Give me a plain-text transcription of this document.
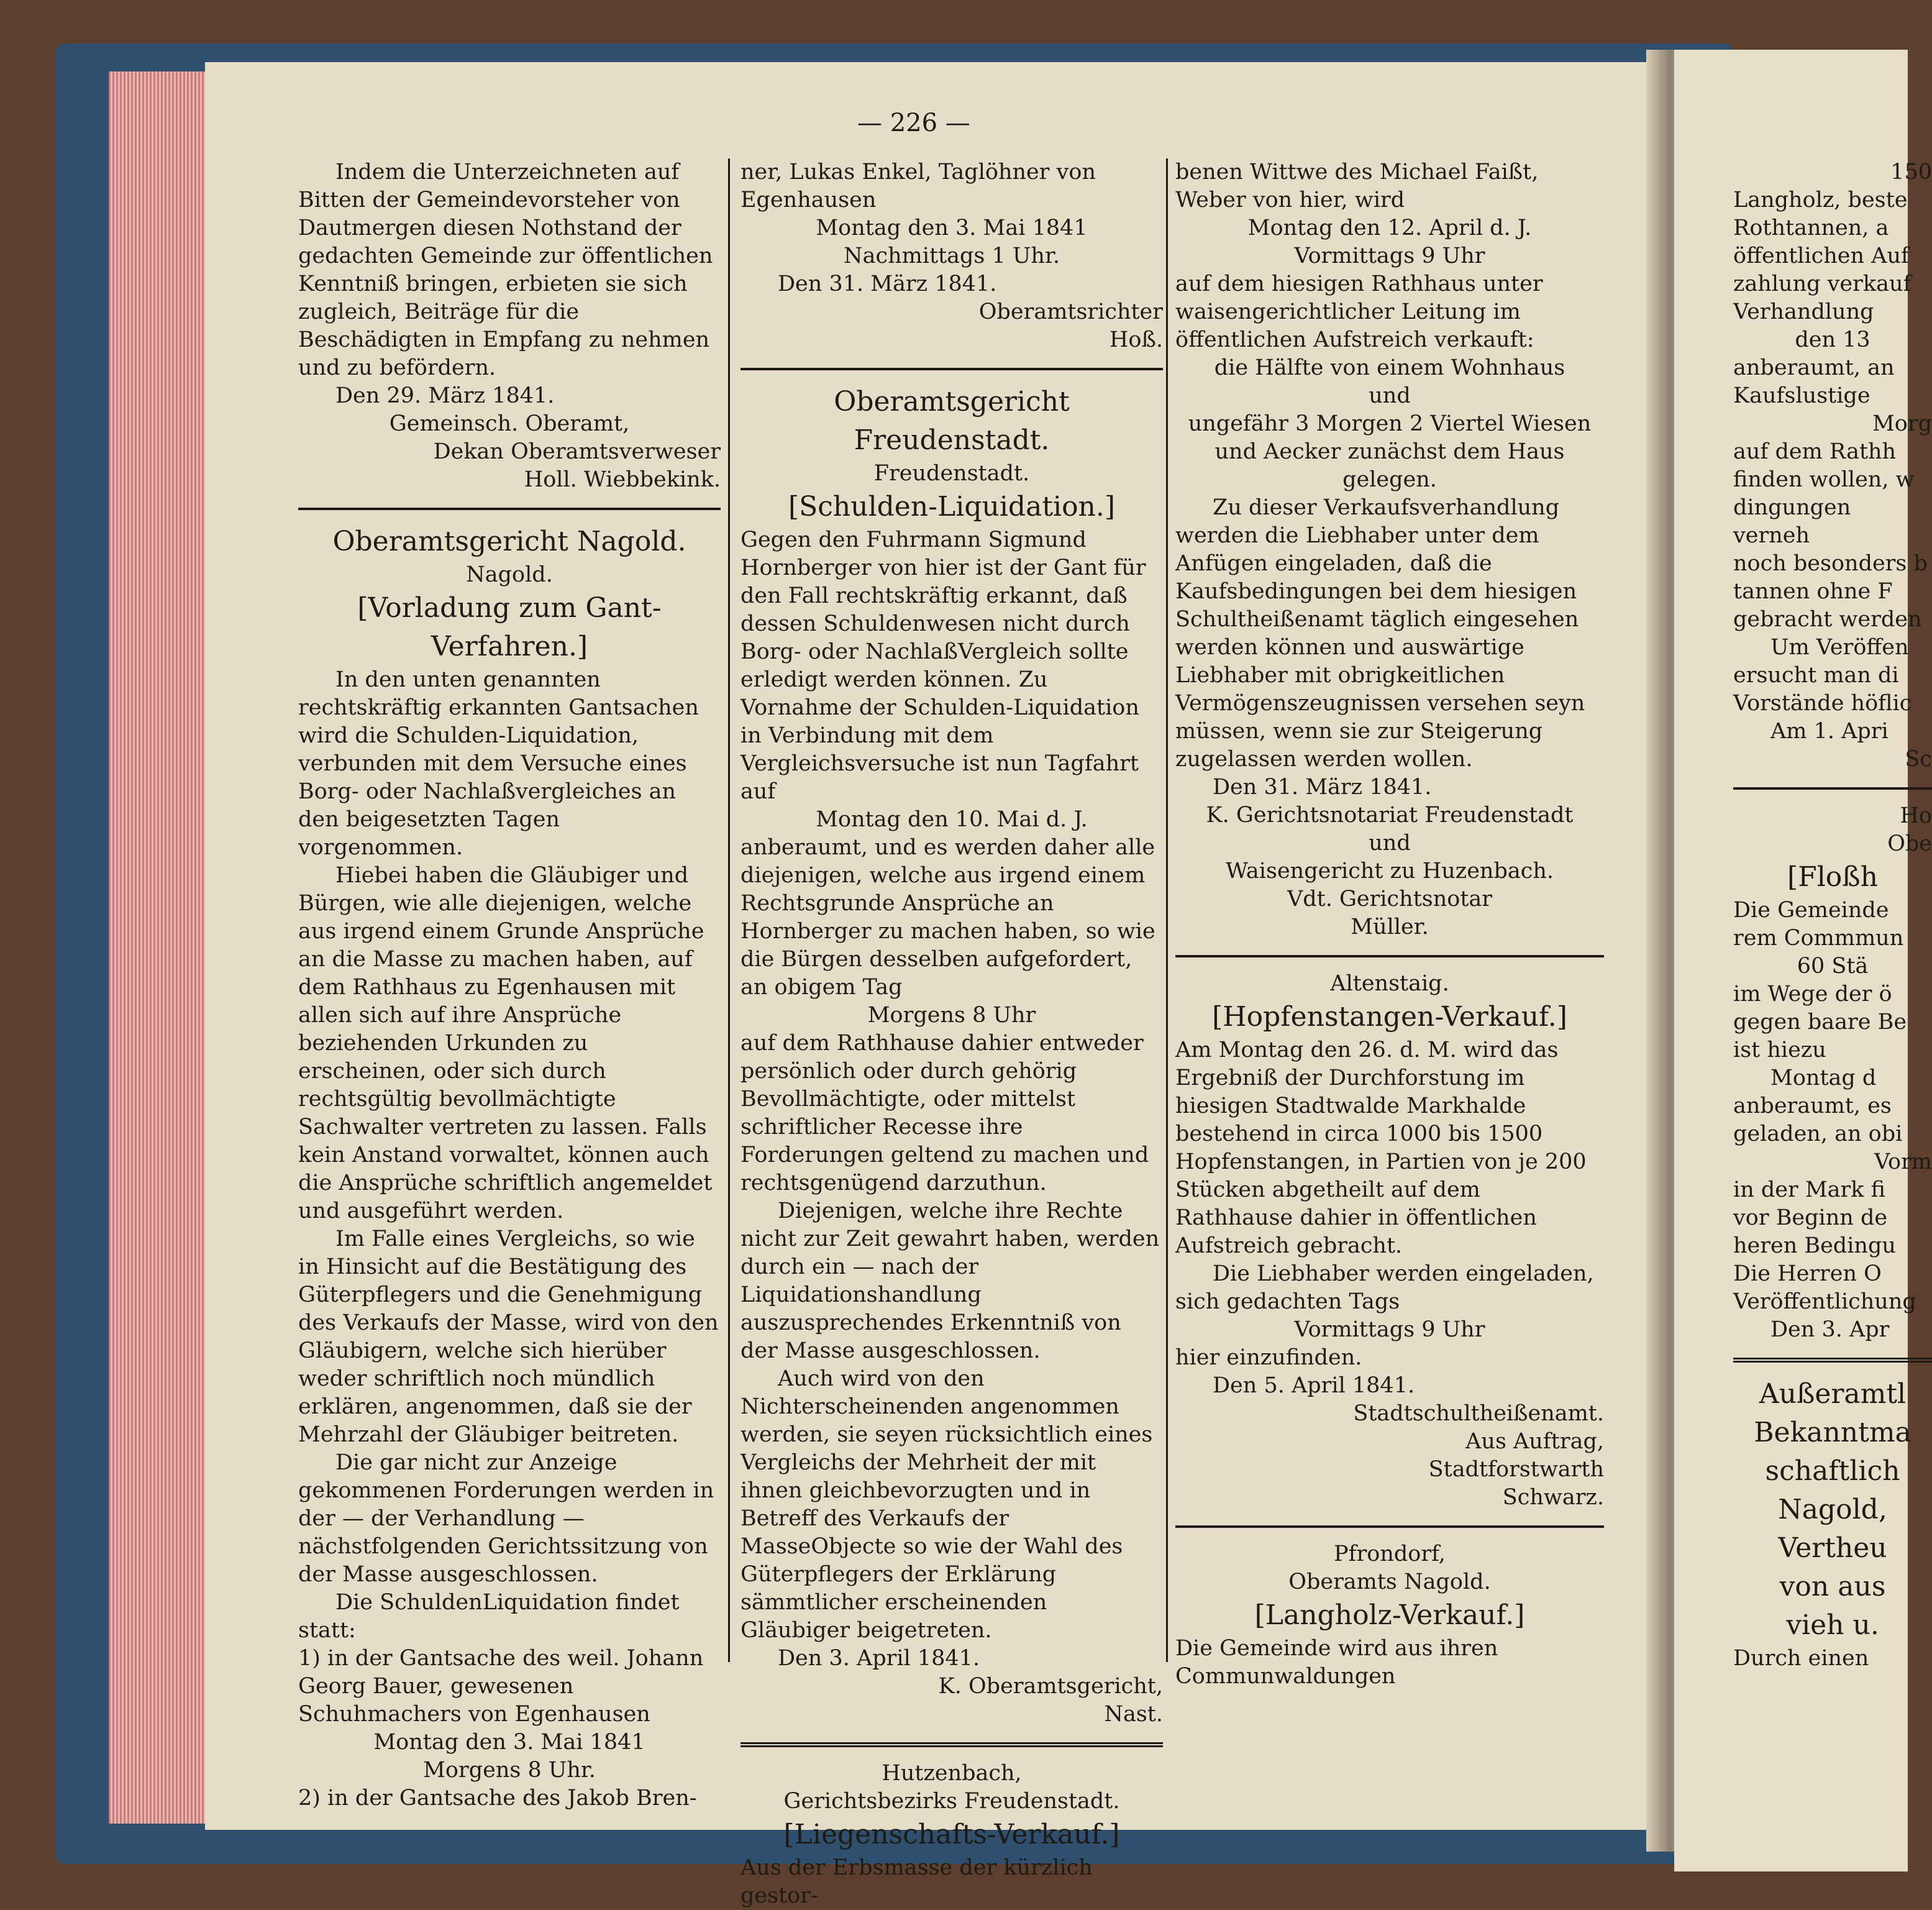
— 226 —

Indem die Unterzeichneten auf Bitten der Gemeindevorsteher von Dautmergen diesen Nothstand der gedachten Gemeinde zur öffentlichen Kenntniß bringen, erbieten sie sich zugleich, Beiträge für die Beschädigten in Empfang zu nehmen und zu befördern.

Den 29. März 1841.

Gemeinsch. Oberamt,

Dekan Oberamtsverweser

Holl. Wiebbekink.

Oberamtsgericht Nagold.

Nagold.

[Vorladung zum Gant-Verfahren.]

In den unten genannten rechtskräftig erkannten Gantsachen wird die Schulden-Liquidation, verbunden mit dem Versuche eines Borg- oder Nachlaßvergleiches an den beigesetzten Tagen vorgenommen.

Hiebei haben die Gläubiger und Bürgen, wie alle diejenigen, welche aus irgend einem Grunde Ansprüche an die Masse zu machen haben, auf dem Rathhaus zu Egenhausen mit allen sich auf ihre Ansprüche beziehenden Urkunden zu erscheinen, oder sich durch rechtsgültig bevollmächtigte Sachwalter vertreten zu lassen. Falls kein Anstand vorwaltet, können auch die Ansprüche schriftlich angemeldet und ausgeführt werden.

Im Falle eines Vergleichs, so wie in Hinsicht auf die Bestätigung des Güterpflegers und die Genehmigung des Verkaufs der Masse, wird von den Gläubigern, welche sich hierüber weder schriftlich noch mündlich erklären, angenommen, daß sie der Mehrzahl der Gläubiger beitreten.

Die gar nicht zur Anzeige gekommenen Forderungen werden in der — der Verhandlung — nächstfolgenden Gerichtssitzung von der Masse ausgeschlossen.

Die SchuldenLiquidation findet statt:

1) in der Gantsache des weil. Johann Georg Bauer, gewesenen Schuhmachers von Egenhausen

Montag den 3. Mai 1841

Morgens 8 Uhr.

2) in der Gantsache des Jakob Bren-

ner, Lukas Enkel, Taglöhner von Egenhausen

Montag den 3. Mai 1841

Nachmittags 1 Uhr.

Den 31. März 1841.

Oberamtsrichter

Hoß.

Oberamtsgericht Freudenstadt.

Freudenstadt.

[Schulden-Liquidation.]

Gegen den Fuhrmann Sigmund Hornberger von hier ist der Gant für den Fall rechtskräftig erkannt, daß dessen Schuldenwesen nicht durch Borg- oder NachlaßVergleich sollte erledigt werden können. Zu Vornahme der Schulden-Liquidation in Verbindung mit dem Vergleichsversuche ist nun Tagfahrt auf

Montag den 10. Mai d. J.

anberaumt, und es werden daher alle diejenigen, welche aus irgend einem Rechtsgrunde Ansprüche an Hornberger zu machen haben, so wie die Bürgen desselben aufgefordert, an obigem Tag

Morgens 8 Uhr

auf dem Rathhause dahier entweder persönlich oder durch gehörig Bevollmächtigte, oder mittelst schriftlicher Recesse ihre Forderungen geltend zu machen und rechtsgenügend darzuthun.

Diejenigen, welche ihre Rechte nicht zur Zeit gewahrt haben, werden durch ein — nach der Liquidationshandlung auszusprechendes Erkenntniß von der Masse ausgeschlossen.

Auch wird von den Nichterscheinenden angenommen werden, sie seyen rücksichtlich eines Vergleichs der Mehrheit der mit ihnen gleichbevorzugten und in Betreff des Verkaufs der MasseObjecte so wie der Wahl des Güterpflegers der Erklärung sämmtlicher erscheinenden Gläubiger beigetreten.

Den 3. April 1841.

K. Oberamtsgericht,

Nast.

Hutzenbach,

Gerichtsbezirks Freudenstadt.

[Liegenschafts-Verkauf.]

Aus der Erbsmasse der kürzlich gestor-

benen Wittwe des Michael Faißt, Weber von hier, wird

Montag den 12. April d. J.

Vormittags 9 Uhr

auf dem hiesigen Rathhaus unter waisengerichtlicher Leitung im öffentlichen Aufstreich verkauft:

die Hälfte von einem Wohnhaus

und

ungefähr 3 Morgen 2 Viertel Wiesen und Aecker zunächst dem Haus gelegen.

Zu dieser Verkaufsverhandlung werden die Liebhaber unter dem Anfügen eingeladen, daß die Kaufsbedingungen bei dem hiesigen Schultheißenamt täglich eingesehen werden können und auswärtige Liebhaber mit obrigkeitlichen Vermögenszeugnissen versehen seyn müssen, wenn sie zur Steigerung zugelassen werden wollen.

Den 31. März 1841.

K. Gerichtsnotariat Freudenstadt

und

Waisengericht zu Huzenbach.

Vdt. Gerichtsnotar

Müller.

Altenstaig.

[Hopfenstangen-Verkauf.]

Am Montag den 26. d. M. wird das Ergebniß der Durchforstung im hiesigen Stadtwalde Markhalde bestehend in circa 1000 bis 1500 Hopfenstangen, in Partien von je 200 Stücken abgetheilt auf dem Rathhause dahier in öffentlichen Aufstreich gebracht.

Die Liebhaber werden eingeladen, sich gedachten Tags

Vormittags 9 Uhr

hier einzufinden.

Den 5. April 1841.

Stadtschultheißenamt.

Aus Auftrag,

Stadtforstwarth

Schwarz.

Pfrondorf,

Oberamts Nagold.

[Langholz-Verkauf.]

Die Gemeinde wird aus ihren Communwaldungen

150

Langholz, beste

Rothtannen, a

öffentlichen Auf

zahlung verkauf

Verhandlung

den 13

anberaumt, an

Kaufslustige

Morg

auf dem Rathh

finden wollen, w

dingungen verneh

noch besonders b

tannen ohne F

gebracht werden

Um Veröffen

ersucht man di

Vorstände höflic

Am 1. Apri

Sc

Ho

Obe

[Floßh

Die Gemeinde

rem Commmun

60 Stä

im Wege der ö

gegen baare Be

ist hiezu

Montag d

anberaumt, es

geladen, an obi

Vorm

in der Mark fi

vor Beginn de

heren Bedingu

Die Herren O

Veröffentlichung

Den 3. Apr

Außeramtl

Bekanntma

schaftlich

Nagold,

Vertheu

von aus

vieh u.

Durch einen
